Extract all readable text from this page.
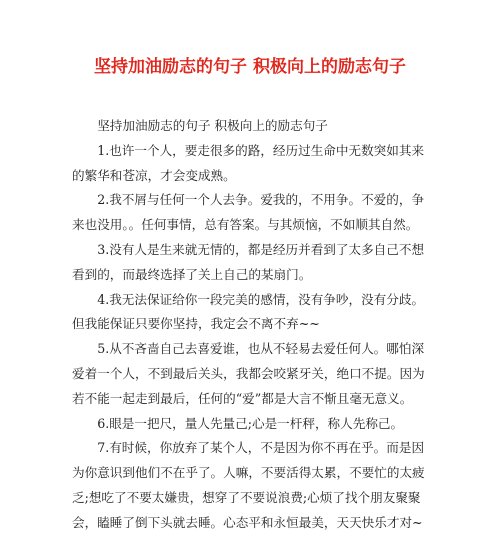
坚持加油励志的句子 积极向上的励志句子

坚持加油励志的句子 积极向上的励志句子

1.也许一个人，要走很多的路，经历过生命中无数突如其来
的繁华和苍凉，才会变成熟。

2.我不屑与任何一个人去争。爱我的，不用争。不爱的，争
来也没用。。任何事情，总有答案。与其烦恼，不如顺其自然。

3.没有人是生来就无情的，都是经历并看到了太多自己不想
看到的，而最终选择了关上自己的某扇门。

4.我无法保证给你一段完美的感情，没有争吵，没有分歧。
但我能保证只要你坚持，我定会不离不弃~~

5.从不吝啬自己去喜爱谁，也从不轻易去爱任何人。哪怕深
爱着一个人，不到最后关头，我都会咬紧牙关，绝口不提。因为
若不能一起走到最后，任何的“爱”都是大言不惭且毫无意义。

6.眼是一把尺，量人先量己;心是一杆秤，称人先称己。

7.有时候，你放弃了某个人，不是因为你不再在乎。而是因
为你意识到他们不在乎了。人嘛，不要活得太累，不要忙的太疲
乏;想吃了不要太嫌贵，想穿了不要说浪费;心烦了找个朋友聚聚
会，瞌睡了倒下头就去睡。心态平和永恒最美，天天快乐才对~
